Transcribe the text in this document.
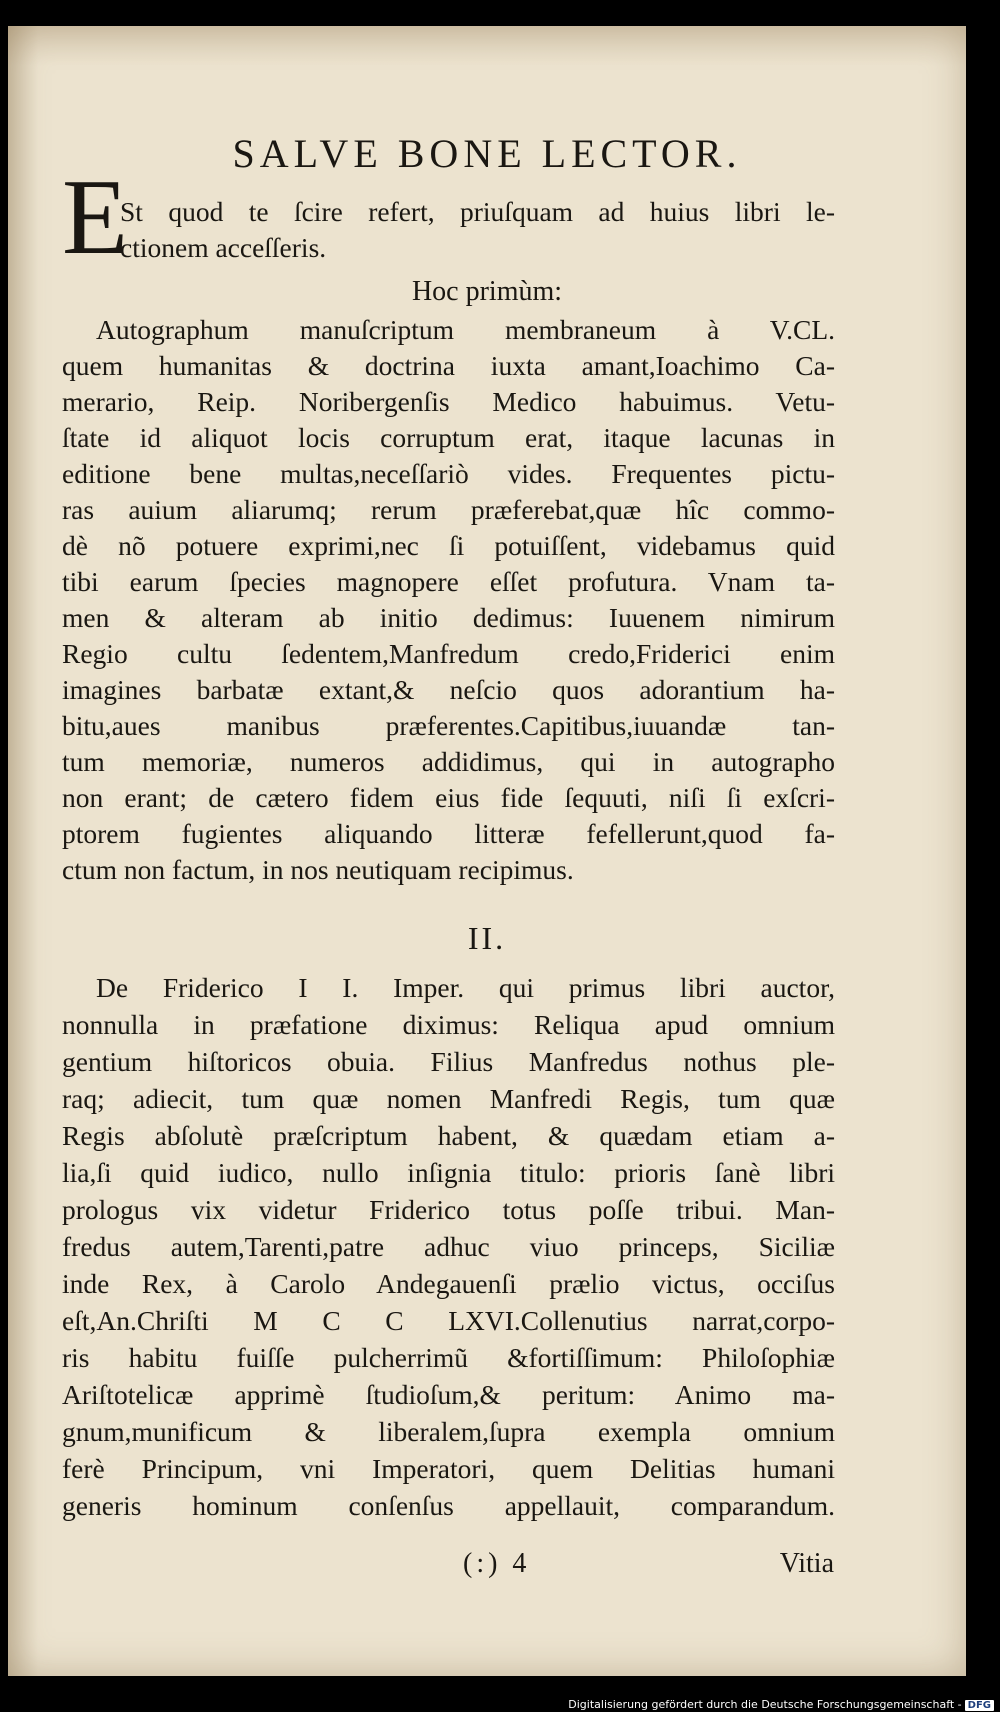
SALVE BONE LECTOR.
E
St quod te ſcire refert, priuſquam ad huius libri le-
ctionem acceſſeris.
Hoc primùm:
Autographum manuſcriptum membraneum à V.CL.
quem humanitas & doctrina iuxta amant,Ioachimo Ca-
merario, Reip. Noribergenſis Medico habuimus. Vetu-
ſtate id aliquot locis corruptum erat, itaque lacunas in
editione bene multas,neceſſariò vides. Frequentes pictu-
ras auium aliarumq; rerum præferebat,quæ hîc commo-
dè nõ potuere exprimi,nec ſi potuiſſent, videbamus quid
tibi earum ſpecies magnopere eſſet profutura. Vnam ta-
men & alteram ab initio dedimus: Iuuenem nimirum
Regio cultu ſedentem,Manfredum credo,Friderici enim
imagines barbatæ extant,& neſcio quos adorantium ha-
bitu,aues manibus præferentes.Capitibus,iuuandæ tan-
tum memoriæ, numeros addidimus, qui in autographo
non erant; de cætero fidem eius fide ſequuti, niſi ſi exſcri-
ptorem fugientes aliquando litteræ fefellerunt,quod fa-
ctum non factum, in nos neutiquam recipimus.
II.
De Friderico I I. Imper. qui primus libri auctor,
nonnulla in præfatione diximus: Reliqua apud omnium
gentium hiſtoricos obuia. Filius Manfredus nothus ple-
raq; adiecit, tum quæ nomen Manfredi Regis, tum quæ
Regis abſolutè præſcriptum habent, & quædam etiam a-
lia,ſi quid iudico, nullo inſignia titulo: prioris ſanè libri
prologus vix videtur Friderico totus poſſe tribui. Man-
fredus autem,Tarenti,patre adhuc viuo princeps, Siciliæ
inde Rex, à Carolo Andegauenſi prælio victus, occiſus
eſt,An.Chriſti M C C LXVI.Collenutius narrat,corpo-
ris habitu fuiſſe pulcherrimũ &fortiſſimum: Philoſophiæ
Ariſtotelicæ apprimè ſtudioſum,& peritum: Animo ma-
gnum,munificum & liberalem,ſupra exempla omnium
ferè Principum, vni Imperatori, quem Delitias humani
generis hominum conſenſus appellauit, comparandum.
(:) 4	Vitia
Digitalisierung gefördert durch die Deutsche Forschungsgemeinschaft - DFG
